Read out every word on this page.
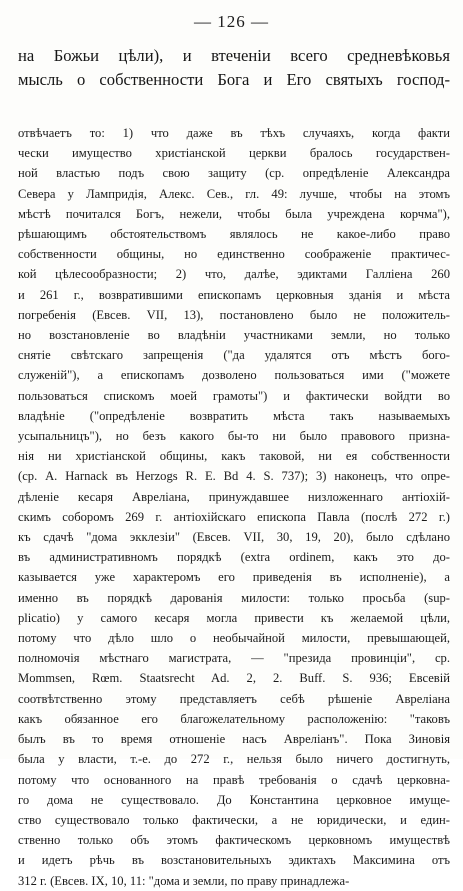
— 126 —
на Божьи цѣли), и втеченіи всего средневѣковья
мысль о собственности Бога и Его святыхъ господ-
отвѣчаетъ то: 1) что даже въ тѣхъ случаяхъ, когда факти
чески имущество христіанской церкви бралось государствен-
ной властью подъ свою защиту (ср. опредѣленіе Александра
Севера у Лампридія, Алекс. Сев., гл. 49: лучше, чтобы на этомъ
мѣстѣ почитался Богъ, нежели, чтобы была учреждена корчма"),
рѣшающимъ обстоятельствомъ являлось не какое-либо право
собственности общины, но единственно соображеніе практичес-
кой цѣлесообразности; 2) что, далѣе, эдиктами Галліена 260
и 261 г., возвратившими епископамъ церковныя зданія и мѣста
погребенія (Евсев. VII, 13), постановлено было не положитель-
но возстановленіе во владѣніи участниками земли, но только
снятіе свѣтскаго запрещенія ("да удалятся отъ мѣстъ бого-
служеній"), а епископамъ дозволено пользоваться ими ("можете
пользоваться спискомъ моей грамоты") и фактически войдти во
владѣніе ("опредѣленіе возвратить мѣста такъ называемыхъ
усыпальницъ"), но безъ какого бы-то ни было правового призна-
нія ни христіанской общины, какъ таковой, ни ея собственности
(ср. A. Harnack въ Herzogs R. E. Bd 4. S. 737); 3) наконецъ, что опре-
дѣленіе кесаря Авреліана, принуждавшее низложеннаго антіохій-
скимъ соборомъ 269 г. антіохійскаго епископа Павла (послѣ 272 г.)
къ сдачѣ "дома экклезіи" (Евсев. VII, 30, 19, 20), было сдѣлано
въ административномъ порядкѣ (extra ordinem, какъ это до-
казывается уже характеромъ его приведенія въ исполненіе), а
именно въ порядкѣ дарованія милости: только просьба (sup-
plicatio) у самого кесаря могла привести къ желаемой цѣли,
потому что дѣло шло о необычайной милости, превышающей,
полномочія мѣстнаго магистрата, — "презида провинціи", ср.
Mommsen, Rœm. Staatsrecht Ad. 2, 2. Buff. S. 936; Евсевій
соотвѣтственно этому представляетъ себѣ рѣшеніе Авреліана
какъ обязанное его благожелательному расположенію: "таковъ
былъ въ то время отношеніе насъ Авреліанъ". Пока Зиновія
была у власти, т.-е. до 272 г., нельзя было ничего достигнуть,
потому что основанного на правѣ требованія о сдачѣ церковна-
го дома не существовало. До Константина церковное имуще-
ство существовало только фактически, а не юридически, и един-
ственно только объ этомъ фактическомъ церковномъ имуществѣ
и идетъ рѣчь въ возстановительныхъ эдиктахъ Максимина отъ
312 г. (Евсев. IX, 10, 11: "дома и земли, по праву принадлежа-
